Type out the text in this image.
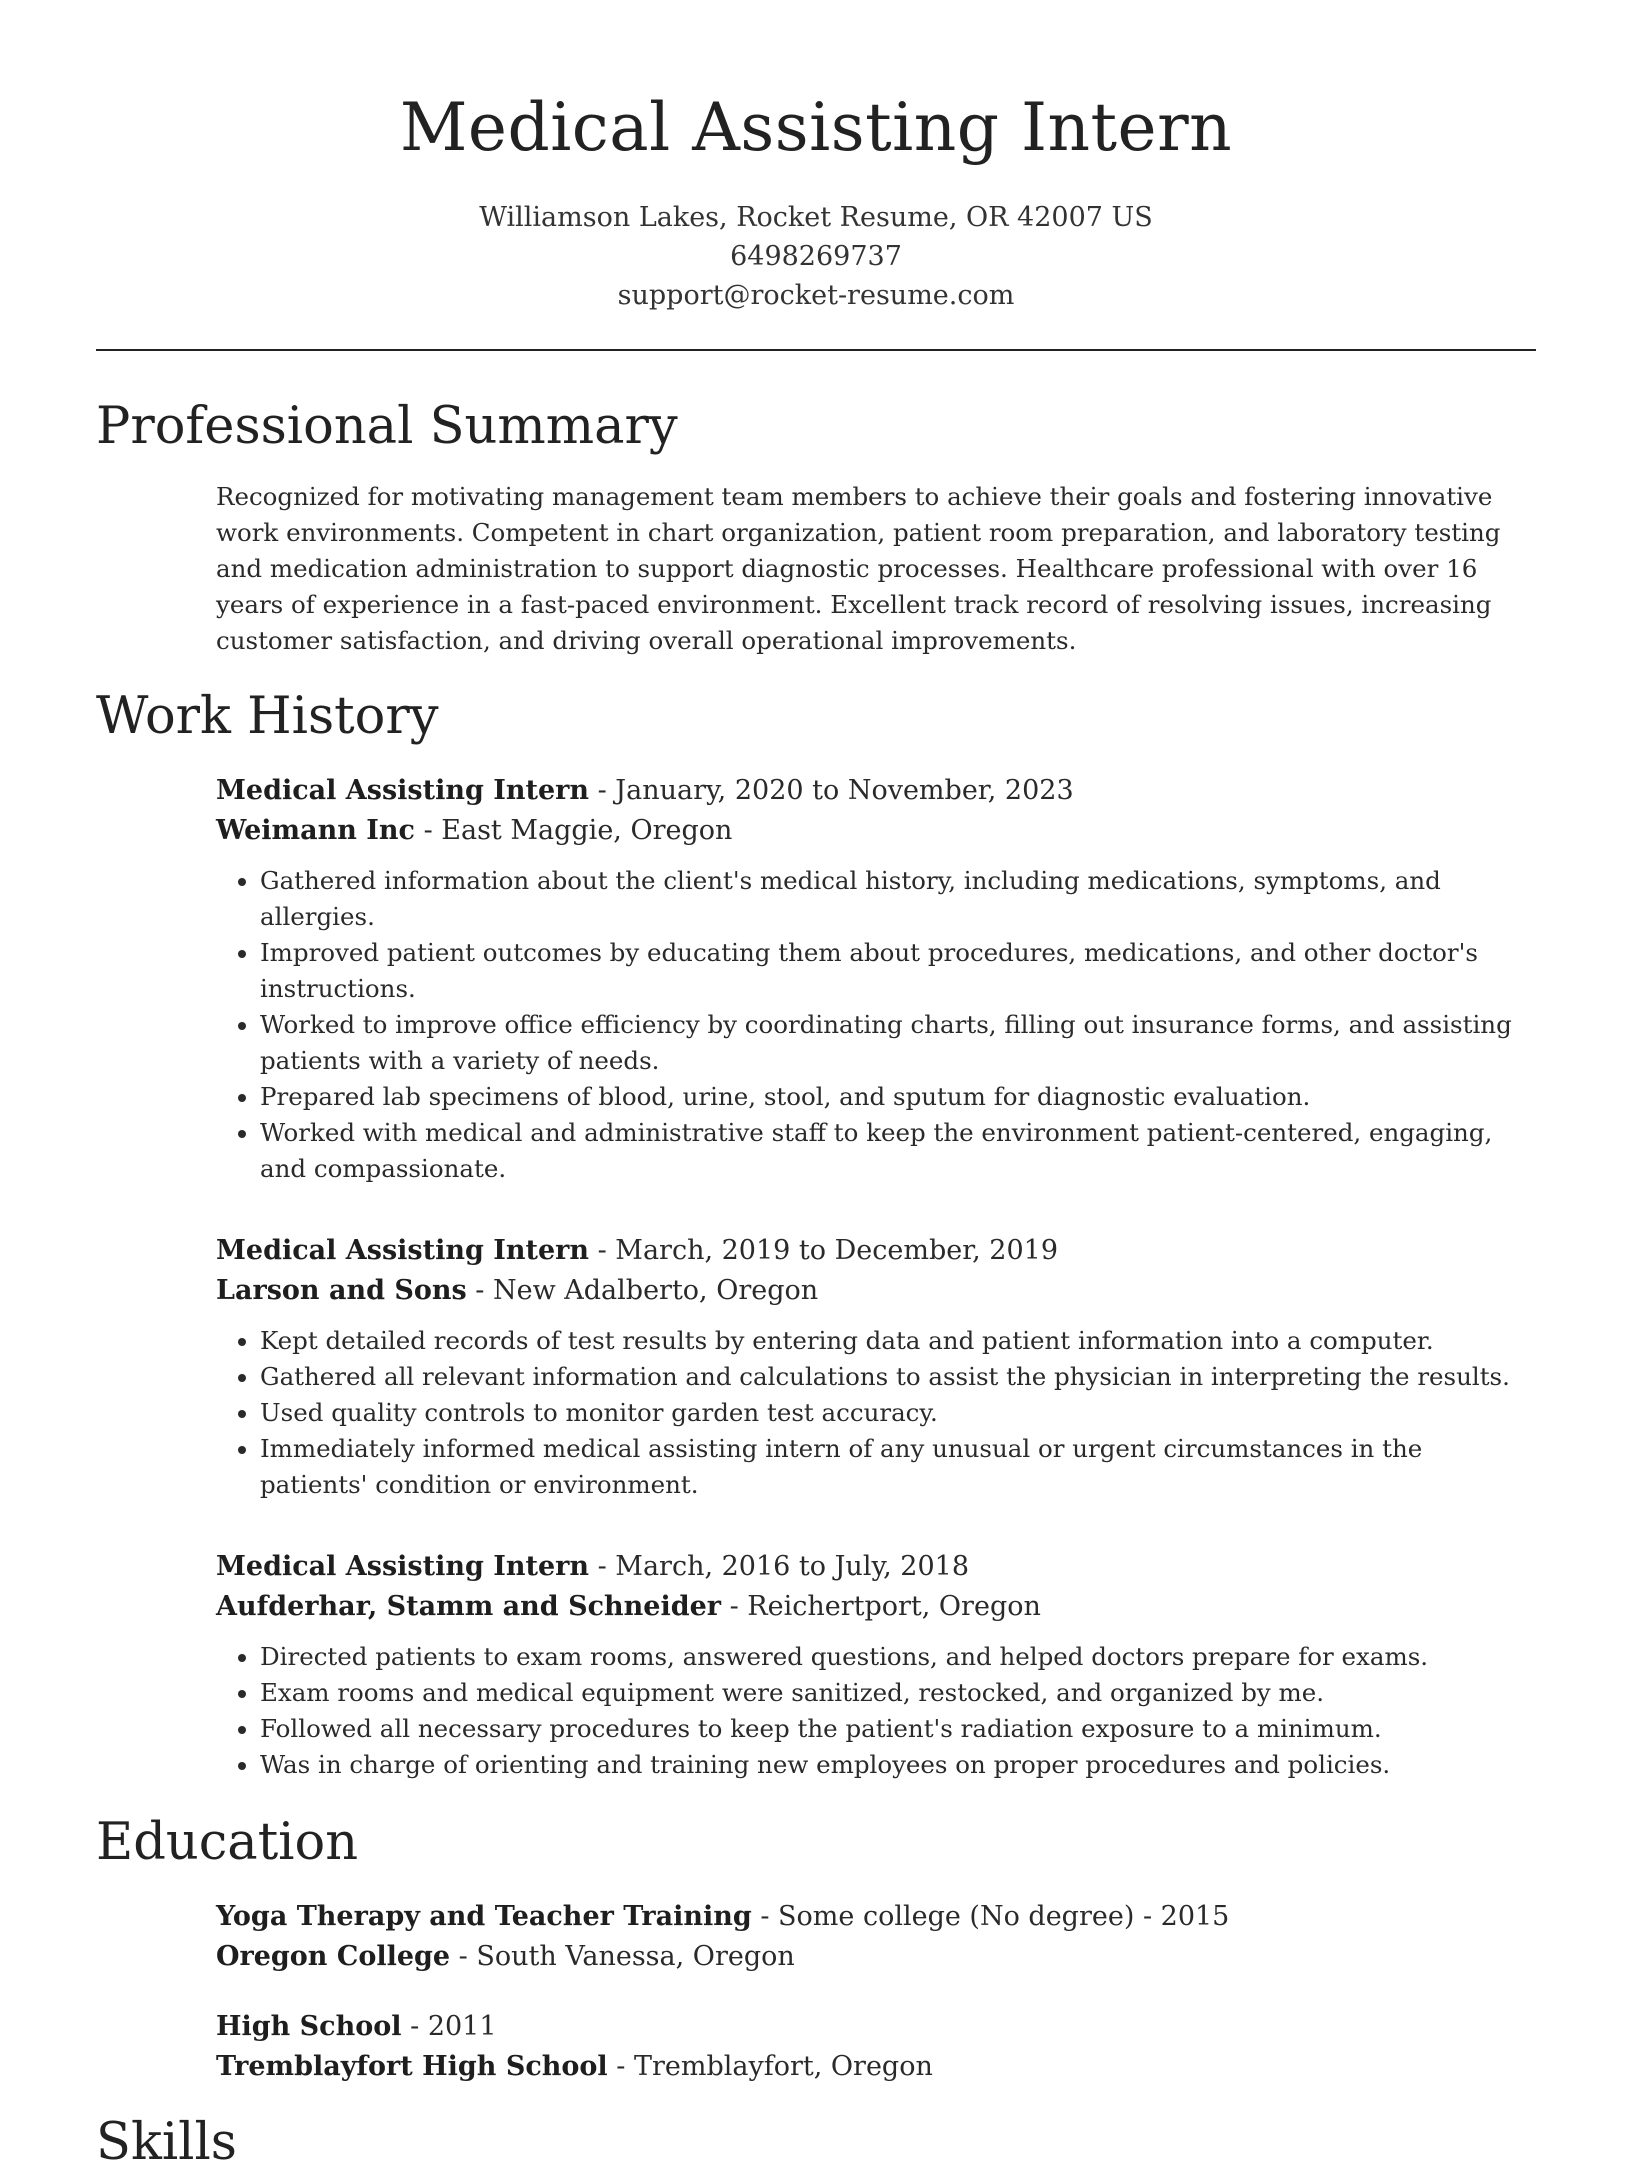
Medical Assisting Intern
Williamson Lakes, Rocket Resume, OR 42007 US
6498269737
support@rocket-resume.com
Professional Summary

Recognized for motivating management team members to achieve their goals and fostering innovative work environments. Competent in chart organization, patient room preparation, and laboratory testing and medication administration to support diagnostic processes. Healthcare professional with over 16 years of experience in a fast-paced environment. Excellent track record of resolving issues, increasing customer satisfaction, and driving overall operational improvements.

Work History
Medical Assisting Intern - January, 2020 to November, 2023
Weimann Inc - East Maggie, Oregon
• Gathered information about the client's medical history, including medications, symptoms, and allergies.
• Improved patient outcomes by educating them about procedures, medications, and other doctor's instructions.
• Worked to improve office efficiency by coordinating charts, filling out insurance forms, and assisting patients with a variety of needs.
• Prepared lab specimens of blood, urine, stool, and sputum for diagnostic evaluation.
• Worked with medical and administrative staff to keep the environment patient-centered, engaging, and compassionate.
Medical Assisting Intern - March, 2019 to December, 2019
Larson and Sons - New Adalberto, Oregon
• Kept detailed records of test results by entering data and patient information into a computer.
• Gathered all relevant information and calculations to assist the physician in interpreting the results.
• Used quality controls to monitor garden test accuracy.
• Immediately informed medical assisting intern of any unusual or urgent circumstances in the patients' condition or environment.
Medical Assisting Intern - March, 2016 to July, 2018
Aufderhar, Stamm and Schneider - Reichertport, Oregon
• Directed patients to exam rooms, answered questions, and helped doctors prepare for exams.
• Exam rooms and medical equipment were sanitized, restocked, and organized by me.
• Followed all necessary procedures to keep the patient's radiation exposure to a minimum.
• Was in charge of orienting and training new employees on proper procedures and policies.
Education
Yoga Therapy and Teacher Training - Some college (No degree) - 2015
Oregon College - South Vanessa, Oregon
High School - 2011
Tremblayfort High School - Tremblayfort, Oregon
Skills
